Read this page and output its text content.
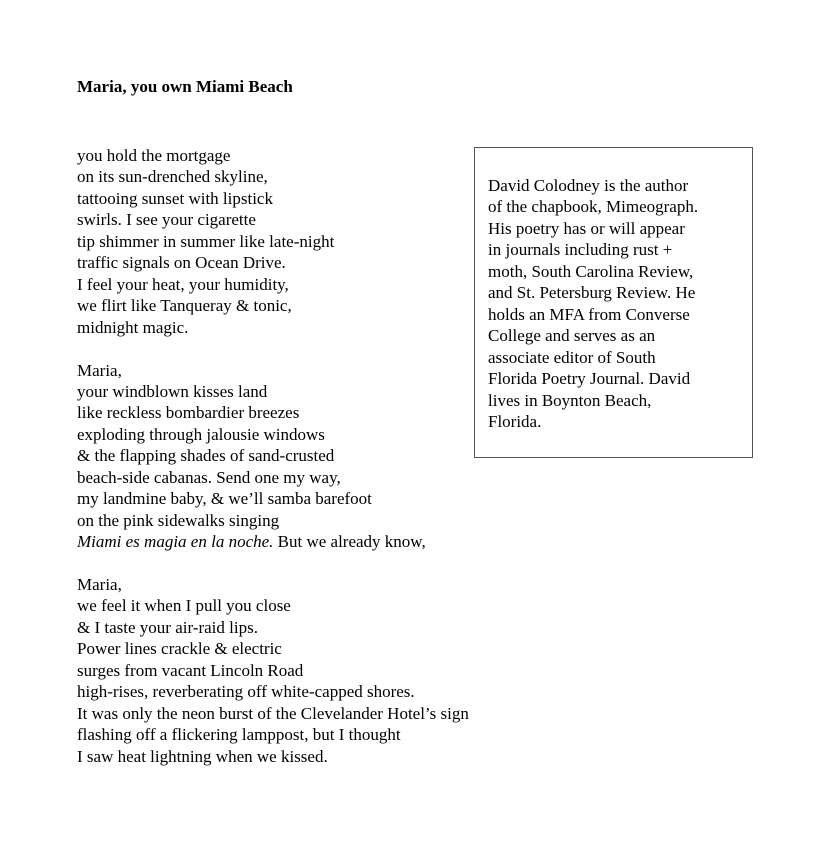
Maria, you own Miami Beach
you hold the mortgage
on its sun-drenched skyline,
tattooing sunset with lipstick
swirls. I see your cigarette
tip shimmer in summer like late-night
traffic signals on Ocean Drive.
I feel your heat, your humidity,
we flirt like Tanqueray & tonic,
midnight magic.
Maria,
your windblown kisses land
like reckless bombardier breezes
exploding through jalousie windows
& the flapping shades of sand-crusted
beach-side cabanas. Send one my way,
my landmine baby, & we’ll samba barefoot
on the pink sidewalks singing
Miami es magia en la noche. But we already know,
Maria,
we feel it when I pull you close
& I taste your air-raid lips.
Power lines crackle & electric
surges from vacant Lincoln Road
high-rises, reverberating off white-capped shores.
It was only the neon burst of the Clevelander Hotel’s sign
flashing off a flickering lamppost, but I thought
I saw heat lightning when we kissed.

David Colodney is the author
of the chapbook, Mimeograph.
His poetry has or will appear
in journals including rust +
moth, South Carolina Review,
and St. Petersburg Review. He
holds an MFA from Converse
College and serves as an
associate editor of South
Florida Poetry Journal. David
lives in Boynton Beach,
Florida.
